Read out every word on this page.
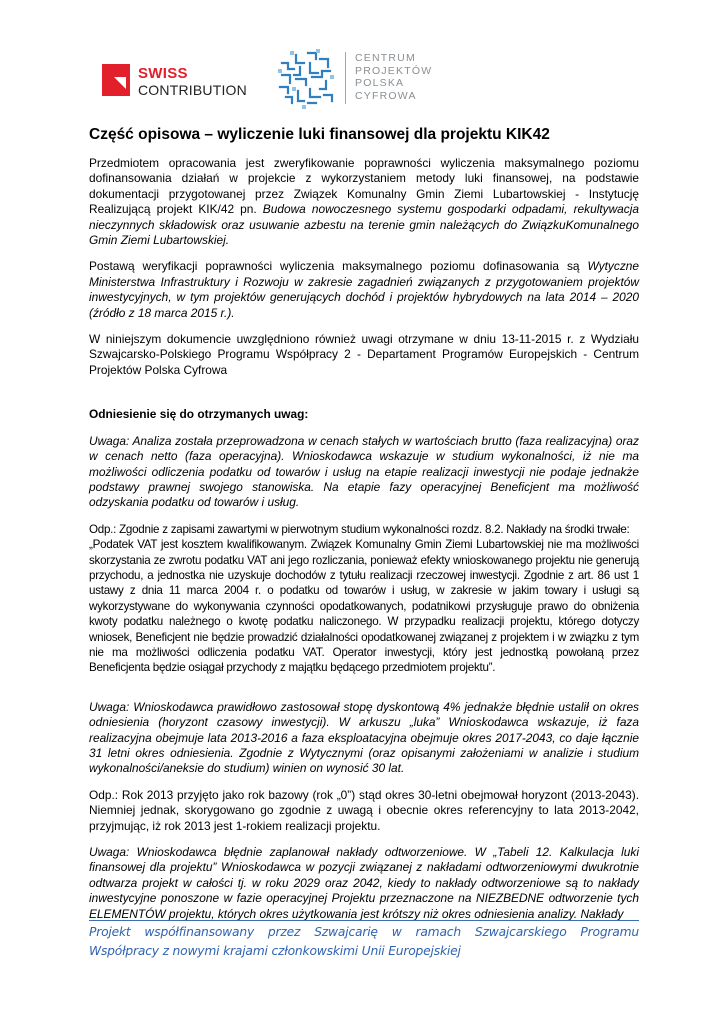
SWISS
CONTRIBUTION
CENTRUM
PROJEKTÓW
POLSKA
CYFROWA
Część opisowa – wyliczenie luki finansowej dla projektu KIK42

Przedmiotem opracowania jest zweryfikowanie poprawności wyliczenia maksymalnego poziomu dofinansowania działań w projekcie z wykorzystaniem metody luki finansowej, na podstawie dokumentacji przygotowanej przez Związek Komunalny Gmin Ziemi Lubartowskiej - Instytucję Realizującą projekt KIK/42 pn. Budowa nowoczesnego systemu gospodarki odpadami, rekultywacja nieczynnych składowisk oraz usuwanie azbestu na terenie gmin należących do ZwiązkuKomunalnego Gmin Ziemi Lubartowskiej.

Postawą weryfikacji poprawności wyliczenia maksymalnego poziomu dofinasowania są Wytyczne Ministerstwa Infrastruktury i Rozwoju w zakresie zagadnień związanych z przygotowaniem projektów inwestycyjnych, w tym projektów generujących dochód i projektów hybrydowych na lata 2014 – 2020 (źródło z 18 marca 2015 r.).

W niniejszym dokumencie uwzględniono również uwagi otrzymane w dniu 13-11-2015 r. z Wydziału Szwajcarsko-Polskiego Programu Współpracy 2 - Departament Programów Europejskich - Centrum Projektów Polska Cyfrowa

Odniesienie się do otrzymanych uwag:

Uwaga: Analiza została przeprowadzona w cenach stałych w wartościach brutto (faza realizacyjna) oraz w cenach netto (faza operacyjna). Wnioskodawca wskazuje w studium wykonalności, iż nie ma możliwości odliczenia podatku od towarów i usług na etapie realizacji inwestycji nie podaje jednakże podstawy prawnej swojego stanowiska. Na etapie fazy operacyjnej Beneficjent ma możliwość odzyskania podatku od towarów i usług.

Odp.: Zgodnie z zapisami zawartymi w pierwotnym studium wykonalności rozdz. 8.2. Nakłady na środki trwałe:

„Podatek VAT jest kosztem kwalifikowanym. Związek Komunalny Gmin Ziemi Lubartowskiej nie ma możliwości skorzystania ze zwrotu podatku VAT ani jego rozliczania, ponieważ efekty wnioskowanego projektu nie generują przychodu, a jednostka nie uzyskuje dochodów z tytułu realizacji rzeczowej inwestycji. Zgodnie z art. 86 ust 1 ustawy z dnia 11 marca 2004 r. o podatku od towarów i usług, w zakresie w jakim towary i usługi są wykorzystywane do wykonywania czynności opodatkowanych, podatnikowi przysługuje prawo do obniżenia kwoty podatku należnego o kwotę podatku naliczonego. W przypadku realizacji projektu, którego dotyczy wniosek, Beneficjent nie będzie prowadzić działalności opodatkowanej związanej z projektem i w związku z tym nie ma możliwości odliczenia podatku VAT. Operator inwestycji, który jest jednostką powołaną przez Beneficjenta będzie osiągał przychody z majątku będącego przedmiotem projektu”.

Uwaga: Wnioskodawca prawidłowo zastosował stopę dyskontową 4% jednakże błędnie ustalił on okres odniesienia (horyzont czasowy inwestycji). W arkuszu „luka” Wnioskodawca wskazuje, iż faza realizacyjna obejmuje lata 2013-2016 a faza eksploatacyjna obejmuje okres 2017-2043, co daje łącznie 31 letni okres odniesienia. Zgodnie z Wytycznymi (oraz opisanymi założeniami w analizie i studium wykonalności/aneksie do studium) winien on wynosić 30 lat.

Odp.: Rok 2013 przyjęto jako rok bazowy (rok „0”) stąd okres 30-letni obejmował horyzont (2013-2043). Niemniej jednak, skorygowano go zgodnie z uwagą i obecnie okres referencyjny to lata 2013-2042, przyjmując, iż rok 2013 jest 1-rokiem realizacji projektu.

Uwaga: Wnioskodawca błędnie zaplanował nakłady odtworzeniowe. W „Tabeli 12. Kalkulacja luki finansowej dla projektu” Wnioskodawca w pozycji związanej z nakładami odtworzeniowymi dwukrotnie odtwarza projekt w całości tj. w roku 2029 oraz 2042, kiedy to nakłady odtworzeniowe są to nakłady inwestycyjne ponoszone w fazie operacyjnej Projektu przeznaczone na NIEZBEDNE odtworzenie tych ELEMENTÓW projektu, których okres użytkowania jest krótszy niż okres odniesienia analizy. Nakłady

Projekt współfinansowany przez Szwajcarię w ramach Szwajcarskiego Programu Współpracy z nowymi krajami członkowskimi Unii Europejskiej
